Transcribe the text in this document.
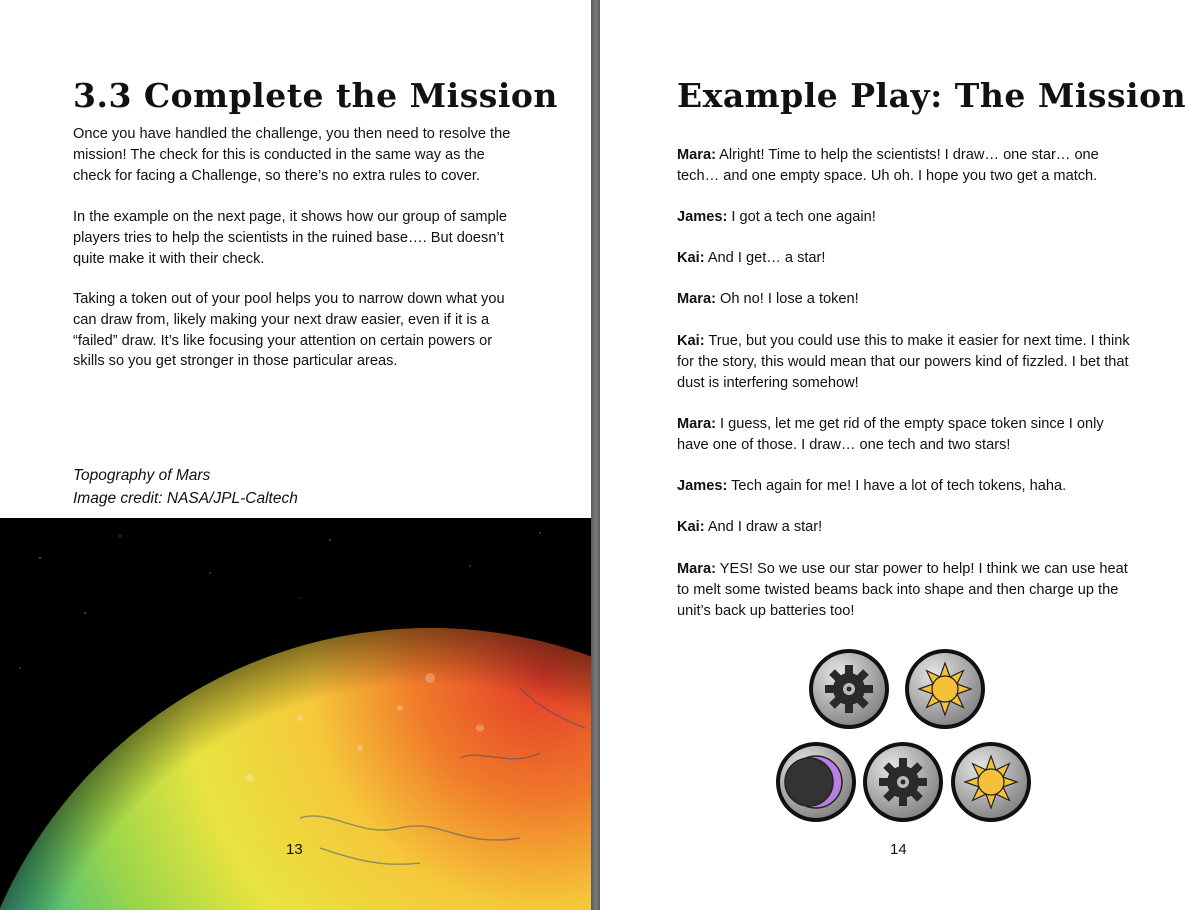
3.3 Complete the Mission

Once you have handled the challenge, you then need to resolve the mission! The check for this is conducted in the same way as the check for facing a Challenge, so there’s no extra rules to cover.

In the example on the next page, it shows how our group of sample players tries to help the scientists in the ruined base…. But doesn’t quite make it with their check.

Taking a token out of your pool helps you to narrow down what you can draw from, likely making your next draw easier, even if it is a “failed” draw. It’s like focusing your attention on certain powers or skills so you get stronger in those particular areas.

Topography of Mars
Image credit: NASA/JPL-Caltech
13
Example Play: The Mission

Mara: Alright! Time to help the scientists! I draw… one star… one tech… and one empty space. Uh oh. I hope you two get a match.

James: I got a tech one again!

Kai: And I get… a star!

Mara: Oh no! I lose a token!

Kai: True, but you could use this to make it easier for next time. I think for the story, this would mean that our powers kind of fizzled. I bet that dust is interfering somehow!

Mara: I guess, let me get rid of the empty space token since I only have one of those. I draw… one tech and two stars!

James: Tech again for me! I have a lot of tech tokens, haha.

Kai: And I draw a star!

Mara: YES! So we use our star power to help! I think we can use heat to melt some twisted beams back into shape and then charge up the unit’s back up batteries too!

14
